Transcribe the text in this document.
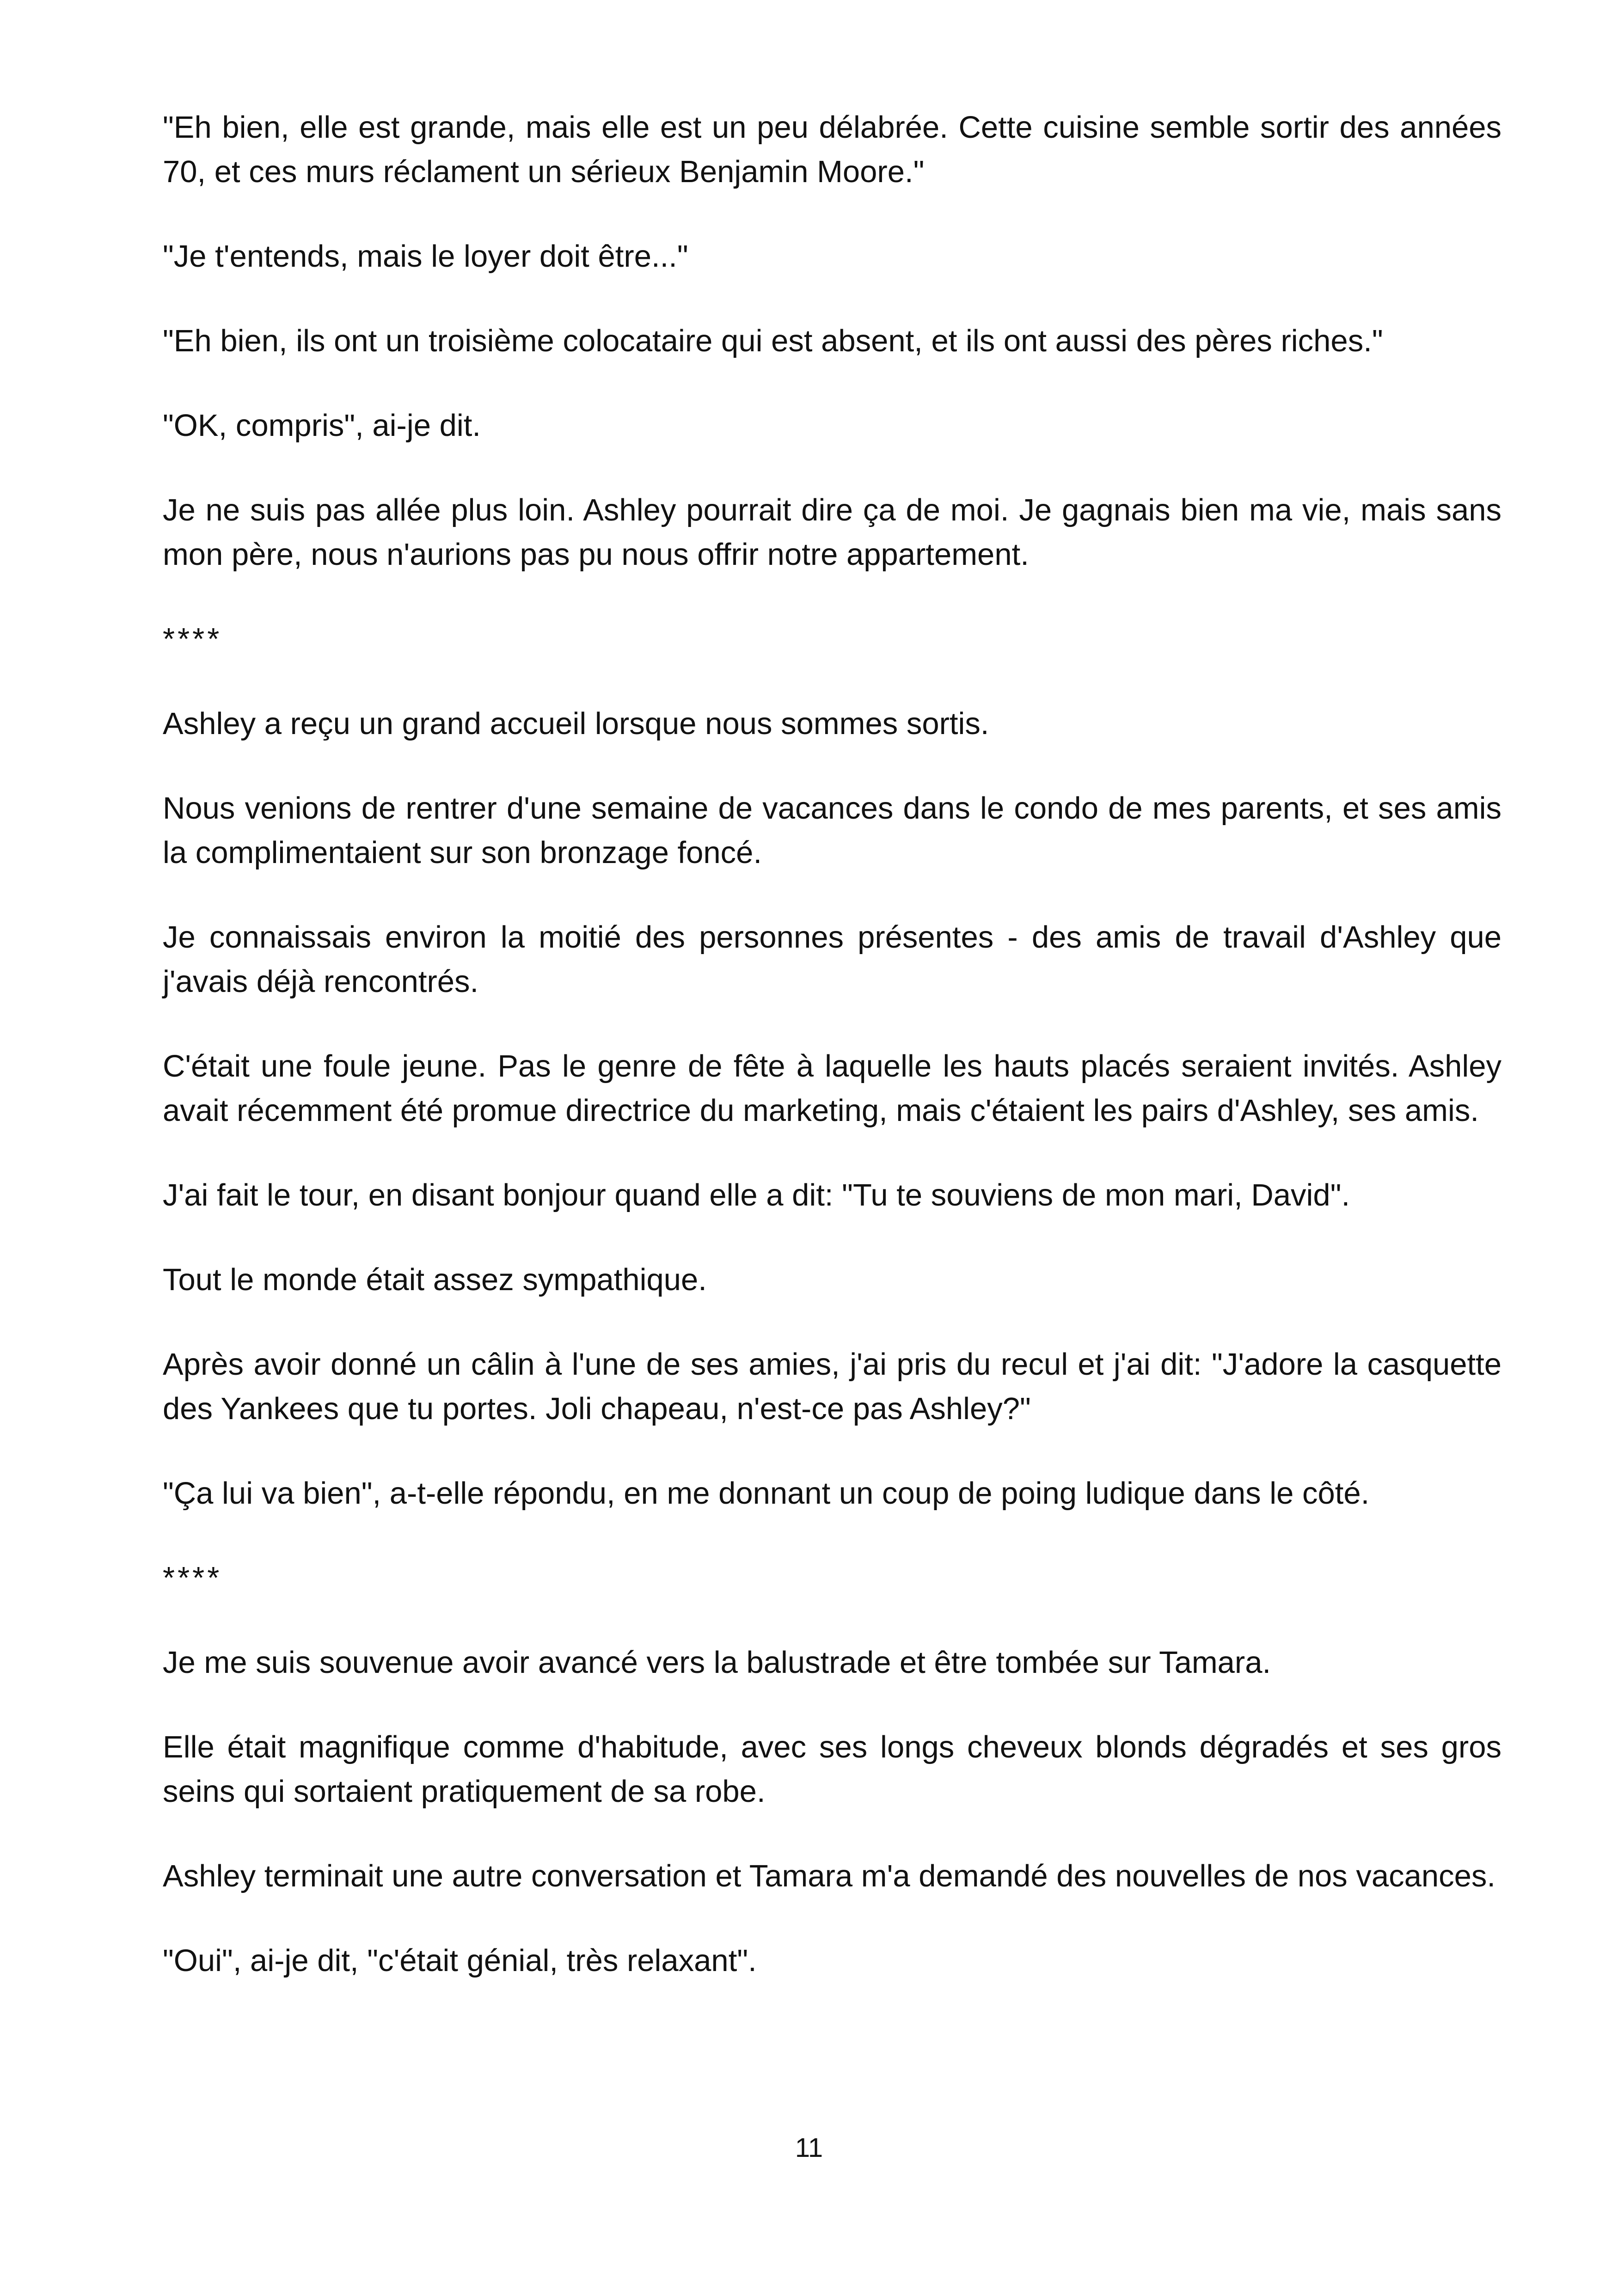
"Eh bien, elle est grande, mais elle est un peu délabrée. Cette cuisine semble sortir des années 70, et ces murs réclament un sérieux Benjamin Moore."

"Je t'entends, mais le loyer doit être..."

"Eh bien, ils ont un troisième colocataire qui est absent, et ils ont aussi des pères riches."

"OK, compris", ai-je dit.

Je ne suis pas allée plus loin. Ashley pourrait dire ça de moi. Je gagnais bien ma vie, mais sans mon père, nous n'aurions pas pu nous offrir notre appartement.

****

Ashley a reçu un grand accueil lorsque nous sommes sortis.

Nous venions de rentrer d'une semaine de vacances dans le condo de mes parents, et ses amis la complimentaient sur son bronzage foncé.

Je connaissais environ la moitié des personnes présentes - des amis de travail d'Ashley que j'avais déjà rencontrés.

C'était une foule jeune. Pas le genre de fête à laquelle les hauts placés seraient invités. Ashley avait récemment été promue directrice du marketing, mais c'étaient les pairs d'Ashley, ses amis.

J'ai fait le tour, en disant bonjour quand elle a dit: "Tu te souviens de mon mari, David".

Tout le monde était assez sympathique.

Après avoir donné un câlin à l'une de ses amies, j'ai pris du recul et j'ai dit: "J'adore la casquette des Yankees que tu portes. Joli chapeau, n'est-ce pas Ashley?"

"Ça lui va bien", a-t-elle répondu, en me donnant un coup de poing ludique dans le côté.

****

Je me suis souvenue avoir avancé vers la balustrade et être tombée sur Tamara.

Elle était magnifique comme d'habitude, avec ses longs cheveux blonds dégradés et ses gros seins qui sortaient pratiquement de sa robe.

Ashley terminait une autre conversation et Tamara m'a demandé des nouvelles de nos vacances.

"Oui", ai-je dit, "c'était génial, très relaxant".

11
